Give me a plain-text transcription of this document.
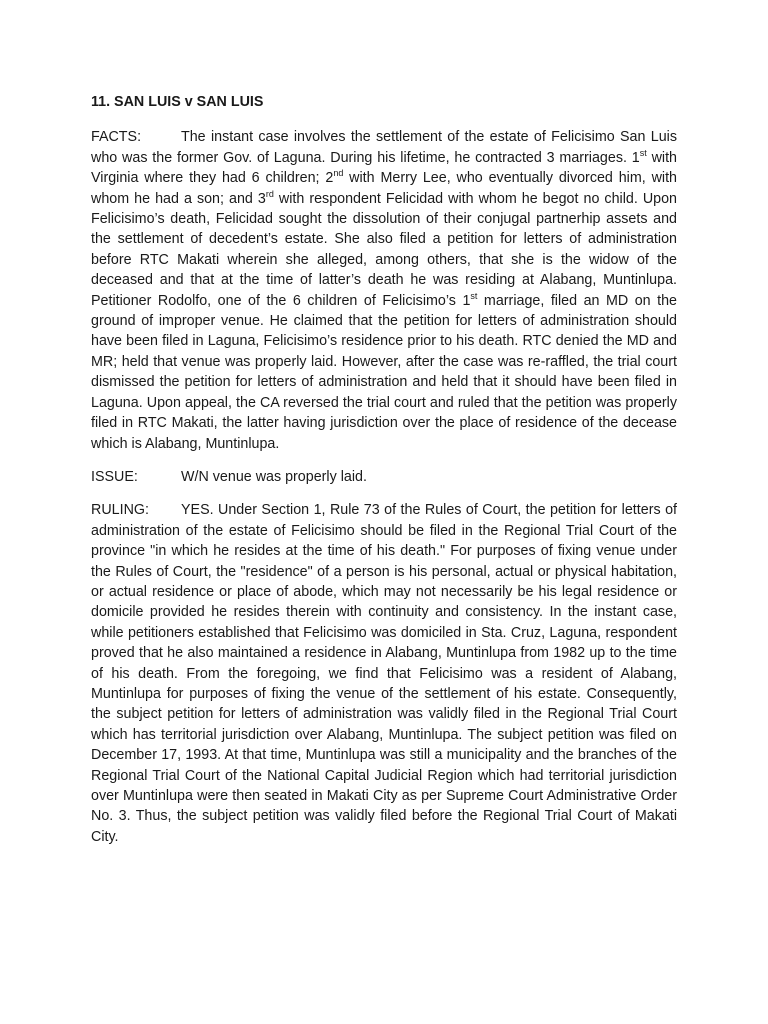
11. SAN LUIS v SAN LUIS

FACTS:	The instant case involves the settlement of the estate of Felicisimo San Luis who was the former Gov. of Laguna. During his lifetime, he contracted 3 marriages. 1st with Virginia where they had 6 children; 2nd with Merry Lee, who eventually divorced him, with whom he had a son; and 3rd with respondent Felicidad with whom he begot no child. Upon Felicisimo’s death, Felicidad sought the dissolution of their conjugal partnerhip assets and the settlement of decedent’s estate. She also filed a petition for letters of administration before RTC Makati wherein she alleged, among others, that she is the widow of the deceased and that at the time of latter’s death he was residing at Alabang, Muntinlupa. Petitioner Rodolfo, one of the 6 children of Felicisimo’s 1st marriage, filed an MD on the ground of improper venue. He claimed that the petition for letters of administration should have been filed in Laguna, Felicisimo’s residence prior to his death. RTC denied the MD and MR; held that venue was properly laid. However, after the case was re-raffled, the trial court dismissed the petition for letters of administration and held that it should have been filed in Laguna. Upon appeal, the CA reversed the trial court and ruled that the petition was properly filed in RTC Makati, the latter having jurisdiction over the place of residence of the decease which is Alabang, Muntinlupa.

ISSUE:	W/N venue was properly laid.

RULING: YES. Under Section 1, Rule 73 of the Rules of Court, the petition for letters of administration of the estate of Felicisimo should be filed in the Regional Trial Court of the province "in which he resides at the time of his death." For purposes of fixing venue under the Rules of Court, the "residence" of a person is his personal, actual or physical habitation, or actual residence or place of abode, which may not necessarily be his legal residence or domicile provided he resides therein with continuity and consistency. In the instant case, while petitioners established that Felicisimo was domiciled in Sta. Cruz, Laguna, respondent proved that he also maintained a residence in Alabang, Muntinlupa from 1982 up to the time of his death. From the foregoing, we find that Felicisimo was a resident of Alabang, Muntinlupa for purposes of fixing the venue of the settlement of his estate. Consequently, the subject petition for letters of administration was validly filed in the Regional Trial Court which has territorial jurisdiction over Alabang, Muntinlupa. The subject petition was filed on December 17, 1993. At that time, Muntinlupa was still a municipality and the branches of the Regional Trial Court of the National Capital Judicial Region which had territorial jurisdiction over Muntinlupa were then seated in Makati City as per Supreme Court Administrative Order No. 3. Thus, the subject petition was validly filed before the Regional Trial Court of Makati City.
